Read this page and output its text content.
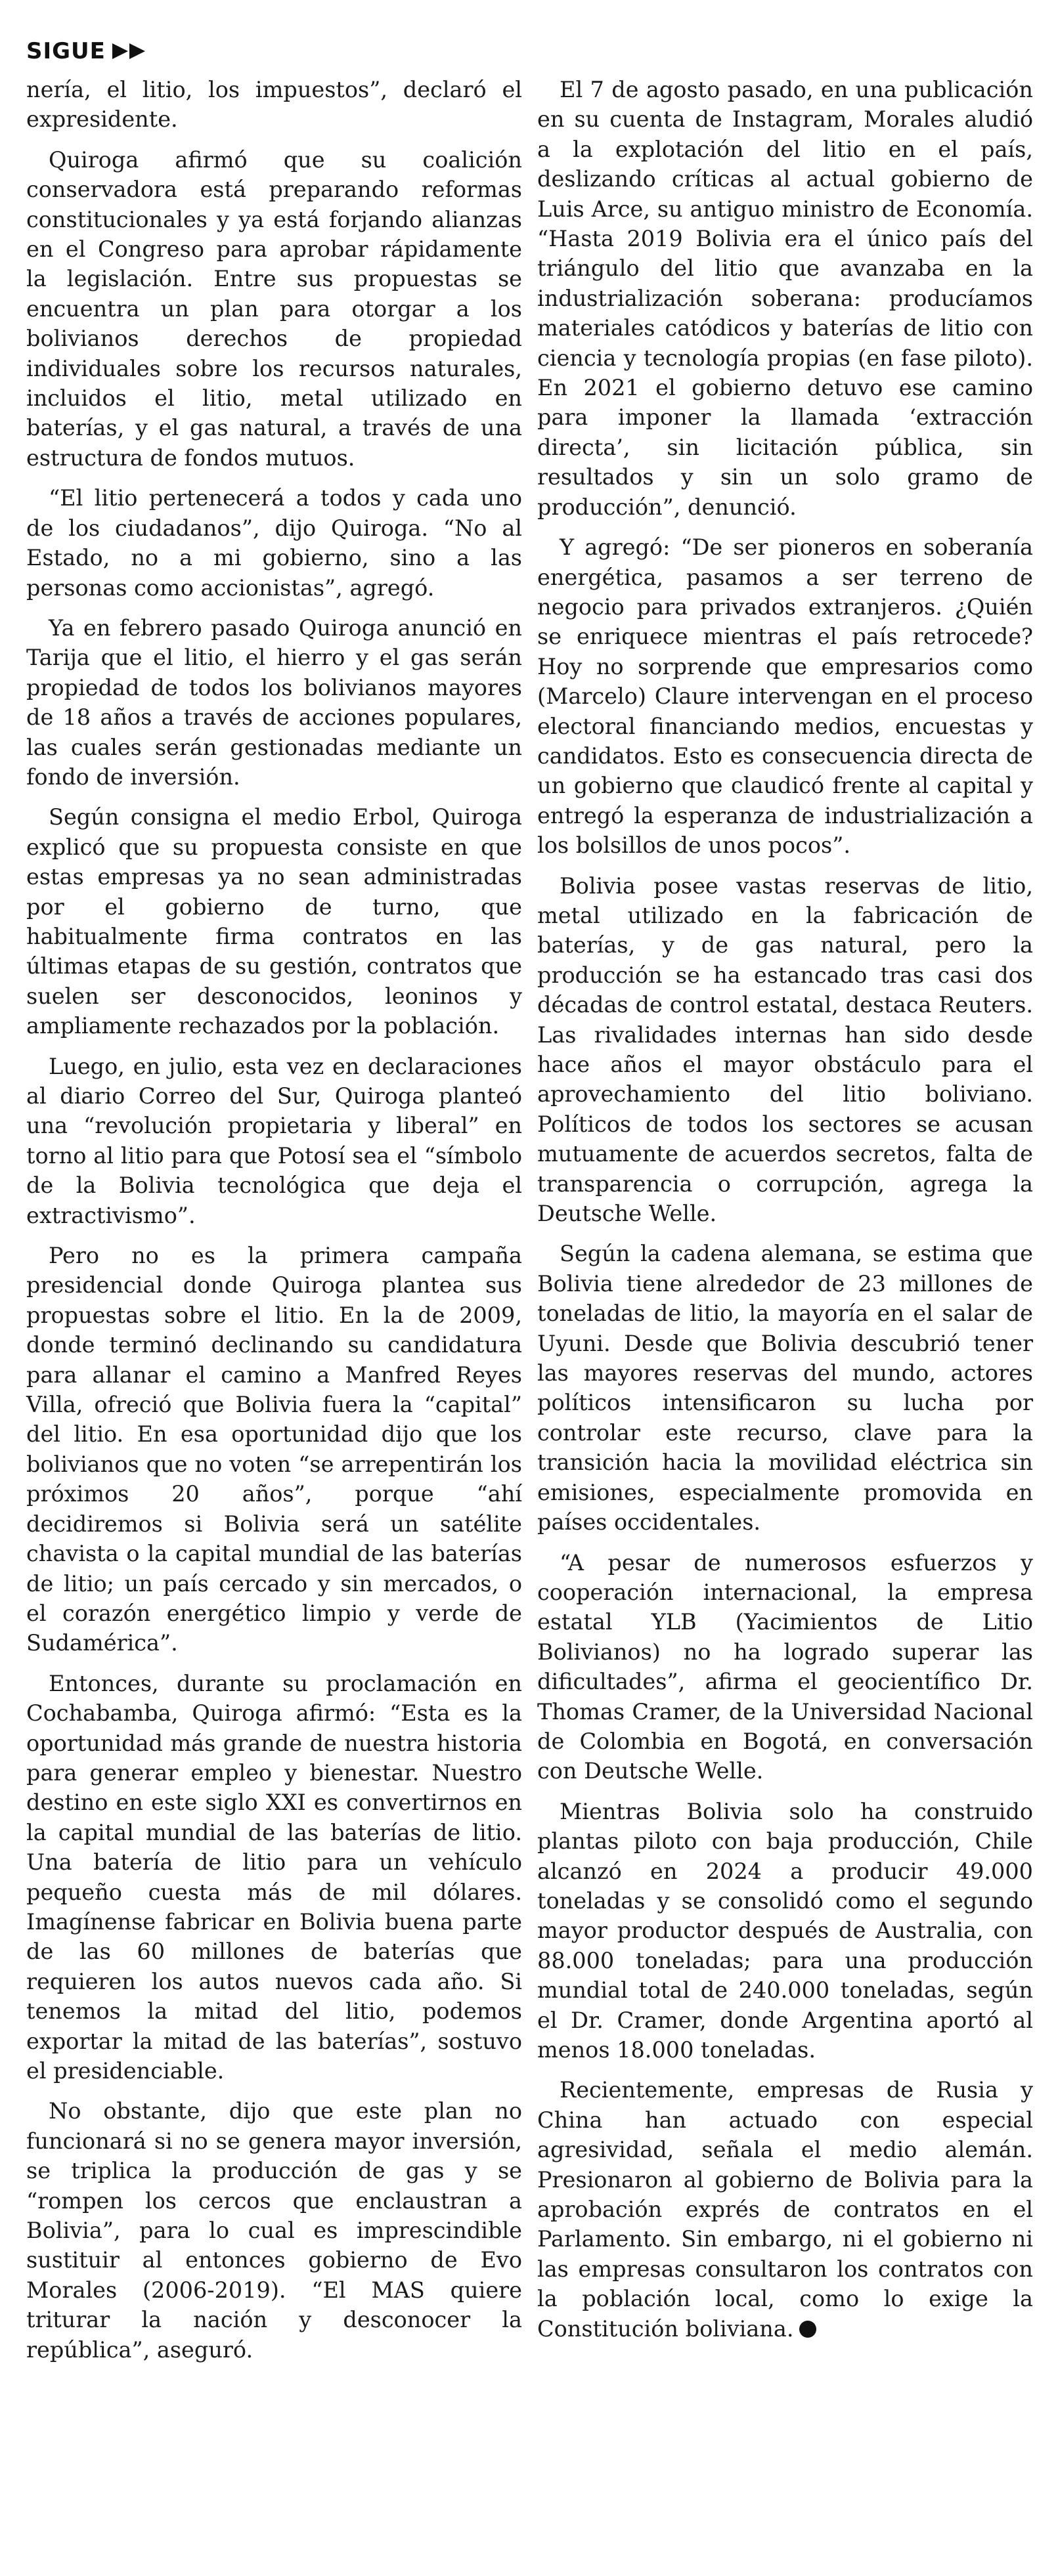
SIGUE

nería, el litio, los impuestos”, declaró el expresidente.

Quiroga afirmó que su coalición conservadora está preparando reformas constitucionales y ya está forjando alianzas en el Congreso para aprobar rápidamente la legislación. Entre sus propuestas se encuentra un plan para otorgar a los bolivianos derechos de propiedad individuales sobre los recursos naturales, incluidos el litio, metal utilizado en baterías, y el gas natural, a través de una estructura de fondos mutuos.

“El litio pertenecerá a todos y cada uno de los ciudadanos”, dijo Quiroga. “No al Estado, no a mi gobierno, sino a las personas como accionistas”, agregó.

Ya en febrero pasado Quiroga anunció en Tarija que el litio, el hierro y el gas serán propiedad de todos los bolivianos mayores de 18 años a través de acciones populares, las cuales serán gestionadas mediante un fondo de inversión.

Según consigna el medio Erbol, Quiroga explicó que su propuesta consiste en que estas empresas ya no sean administradas por el gobierno de turno, que habitualmente firma contratos en las últimas etapas de su gestión, contratos que suelen ser desconocidos, leoninos y ampliamente rechazados por la población.

Luego, en julio, esta vez en declaraciones al diario Correo del Sur, Quiroga planteó una “revolución propietaria y liberal” en torno al litio para que Potosí sea el “símbolo de la Bolivia tecnológica que deja el extractivismo”.

Pero no es la primera campaña presidencial donde Quiroga plantea sus propuestas sobre el litio. En la de 2009, donde terminó declinando su candidatura para allanar el camino a Manfred Reyes Villa, ofreció que Bolivia fuera la “capital” del litio. En esa oportunidad dijo que los bolivianos que no voten “se arrepentirán los próximos 20 años”, porque “ahí decidiremos si Bolivia será un satélite chavista o la capital mundial de las baterías de litio; un país cercado y sin mercados, o el corazón energético limpio y verde de Sudamérica”.

Entonces, durante su proclamación en Cochabamba, Quiroga afirmó: “Esta es la oportunidad más grande de nuestra historia para generar empleo y bienestar. Nuestro destino en este siglo XXI es convertirnos en la capital mundial de las baterías de litio. Una batería de litio para un vehículo pequeño cuesta más de mil dólares. Imagínense fabricar en Bolivia buena parte de las 60 millones de baterías que requieren los autos nuevos cada año. Si tenemos la mitad del litio, podemos exportar la mitad de las baterías”, sostuvo el presidenciable.

No obstante, dijo que este plan no funcionará si no se genera mayor inversión, se triplica la producción de gas y se “rompen los cercos que enclaustran a Bolivia”, para lo cual es imprescindible sustituir al entonces gobierno de Evo Morales (2006-2019). “El MAS quiere triturar la nación y desconocer la república”, aseguró.

El 7 de agosto pasado, en una publicación en su cuenta de Instagram, Morales aludió a la explotación del litio en el país, deslizando críticas al actual gobierno de Luis Arce, su antiguo ministro de Economía. “Hasta 2019 Bolivia era el único país del triángulo del litio que avanzaba en la industrialización soberana: producíamos materiales catódicos y baterías de litio con ciencia y tecnología propias (en fase piloto). En 2021 el gobierno detuvo ese camino para imponer la llamada ‘extracción directa’, sin licitación pública, sin resultados y sin un solo gramo de producción”, denunció.

Y agregó: “De ser pioneros en soberanía energética, pasamos a ser terreno de negocio para privados extranjeros. ¿Quién se enriquece mientras el país retrocede? Hoy no sorprende que empresarios como (Marcelo) Claure intervengan en el proceso electoral financiando medios, encuestas y candidatos. Esto es consecuencia directa de un gobierno que claudicó frente al capital y entregó la esperanza de industrialización a los bolsillos de unos pocos”.

Bolivia posee vastas reservas de litio, metal utilizado en la fabricación de baterías, y de gas natural, pero la producción se ha estancado tras casi dos décadas de control estatal, destaca Reuters. Las rivalidades internas han sido desde hace años el mayor obstáculo para el aprovechamiento del litio boliviano. Políticos de todos los sectores se acusan mutuamente de acuerdos secretos, falta de transparencia o corrupción, agrega la Deutsche Welle.

Según la cadena alemana, se estima que Bolivia tiene alrededor de 23 millones de toneladas de litio, la mayoría en el salar de Uyuni. Desde que Bolivia descubrió tener las mayores reservas del mundo, actores políticos intensificaron su lucha por controlar este recurso, clave para la transición hacia la movilidad eléctrica sin emisiones, especialmente promovida en países occidentales.

“A pesar de numerosos esfuerzos y cooperación internacional, la empresa estatal YLB (Yacimientos de Litio Bolivianos) no ha logrado superar las dificultades”, afirma el geocientífico Dr. Thomas Cramer, de la Universidad Nacional de Colombia en Bogotá, en conversación con Deutsche Welle.

Mientras Bolivia solo ha construido plantas piloto con baja producción, Chile alcanzó en 2024 a producir 49.000 toneladas y se consolidó como el segundo mayor productor después de Australia, con 88.000 toneladas; para una producción mundial total de 240.000 toneladas, según el Dr. Cramer, donde Argentina aportó al menos 18.000 toneladas.

Recientemente, empresas de Rusia y China han actuado con especial agresividad, señala el medio alemán. Presionaron al gobierno de Bolivia para la aprobación exprés de contratos en el Parlamento. Sin embargo, ni el gobierno ni las empresas consultaron los contratos con la población local, como lo exige la Constitución boliviana.
